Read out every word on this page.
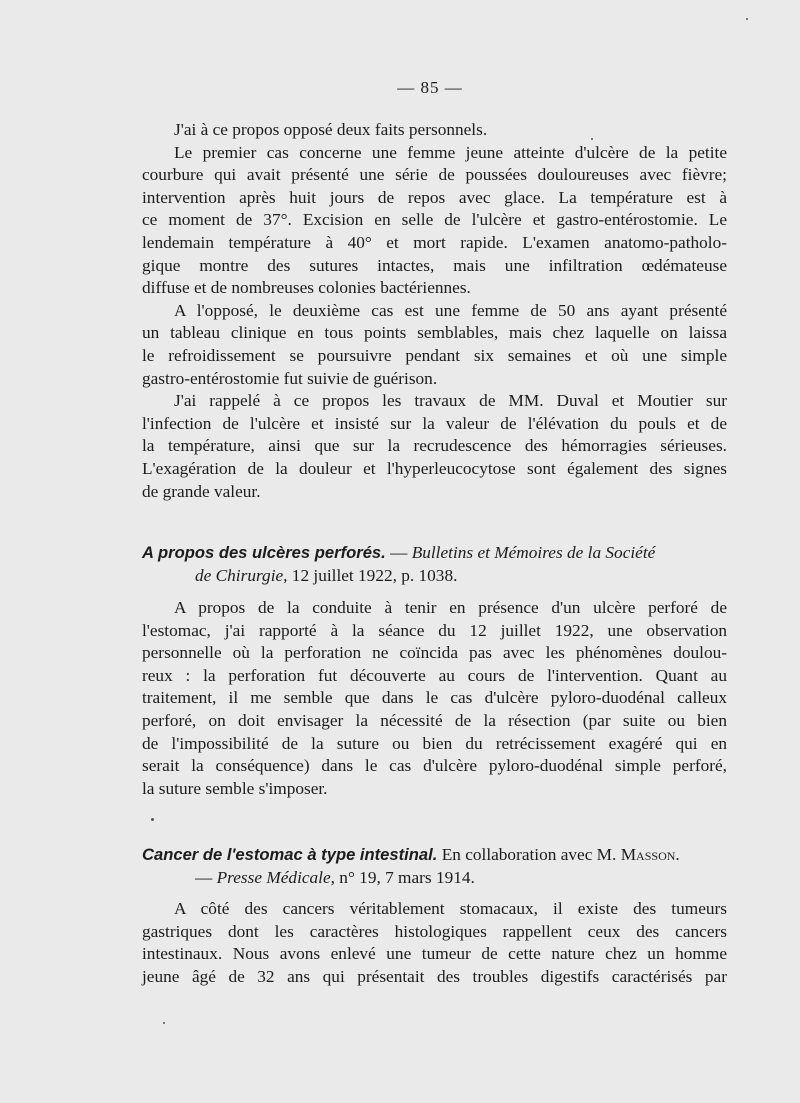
— 85 —
J'ai à ce propos opposé deux faits personnels.
Le premier cas concerne une femme jeune atteinte d'ulcère de la petite
courbure qui avait présenté une série de poussées douloureuses avec fièvre;
intervention après huit jours de repos avec glace. La température est à
ce moment de 37°. Excision en selle de l'ulcère et gastro-entérostomie. Le
lendemain température à 40° et mort rapide. L'examen anatomo-patholo-
gique montre des sutures intactes, mais une infiltration œdémateuse
diffuse et de nombreuses colonies bactériennes.
A l'opposé, le deuxième cas est une femme de 50 ans ayant présenté
un tableau clinique en tous points semblables, mais chez laquelle on laissa
le refroidissement se poursuivre pendant six semaines et où une simple
gastro-entérostomie fut suivie de guérison.
J'ai rappelé à ce propos les travaux de MM. Duval et Moutier sur
l'infection de l'ulcère et insisté sur la valeur de l'élévation du pouls et de
la température, ainsi que sur la recrudescence des hémorragies sérieuses.
L'exagération de la douleur et l'hyperleucocytose sont également des signes
de grande valeur.
A propos des ulcères perforés. — Bulletins et Mémoires de la Société
de Chirurgie, 12 juillet 1922, p. 1038.
A propos de la conduite à tenir en présence d'un ulcère perforé de
l'estomac, j'ai rapporté à la séance du 12 juillet 1922, une observation
personnelle où la perforation ne coïncida pas avec les phénomènes doulou-
reux : la perforation fut découverte au cours de l'intervention. Quant au
traitement, il me semble que dans le cas d'ulcère pyloro-duodénal calleux
perforé, on doit envisager la nécessité de la résection (par suite ou bien
de l'impossibilité de la suture ou bien du retrécissement exagéré qui en
serait la conséquence) dans le cas d'ulcère pyloro-duodénal simple perforé,
la suture semble s'imposer.
Cancer de l'estomac à type intestinal. En collaboration avec M. Masson.
— Presse Médicale, n° 19, 7 mars 1914.
A côté des cancers véritablement stomacaux, il existe des tumeurs
gastriques dont les caractères histologiques rappellent ceux des cancers
intestinaux. Nous avons enlevé une tumeur de cette nature chez un homme
jeune âgé de 32 ans qui présentait des troubles digestifs caractérisés par
